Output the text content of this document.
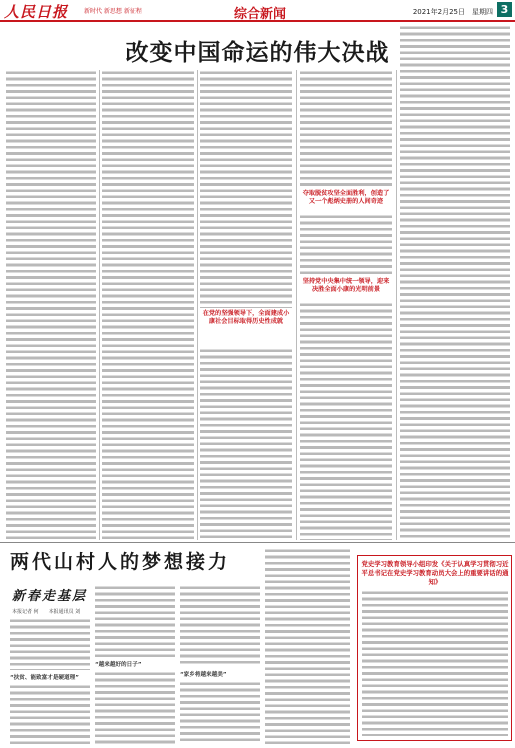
人民日报	新时代 新思想 新征程	综合新闻	2021年2月25日　星期四 3
改变中国命运的伟大决战
在党的坚强领导下，全面建成小康社会目标取得历史性成就
夺取脱贫攻坚全面胜利，创造了又一个彪炳史册的人间奇迹
坚持党中央集中统一领导，迎来决胜全面小康的光明前景
两代山村人的梦想接力
新春走基层
本报记者 何　　本报通讯员 刘　
“扶贫、能致富才是硬道理”
“越来越好的日子”
“家乡将越来越美”
党史学习教育领导小组印发《关于认真学习贯彻习近平总书记在党史学习教育动员大会上的重要讲话的通知》
